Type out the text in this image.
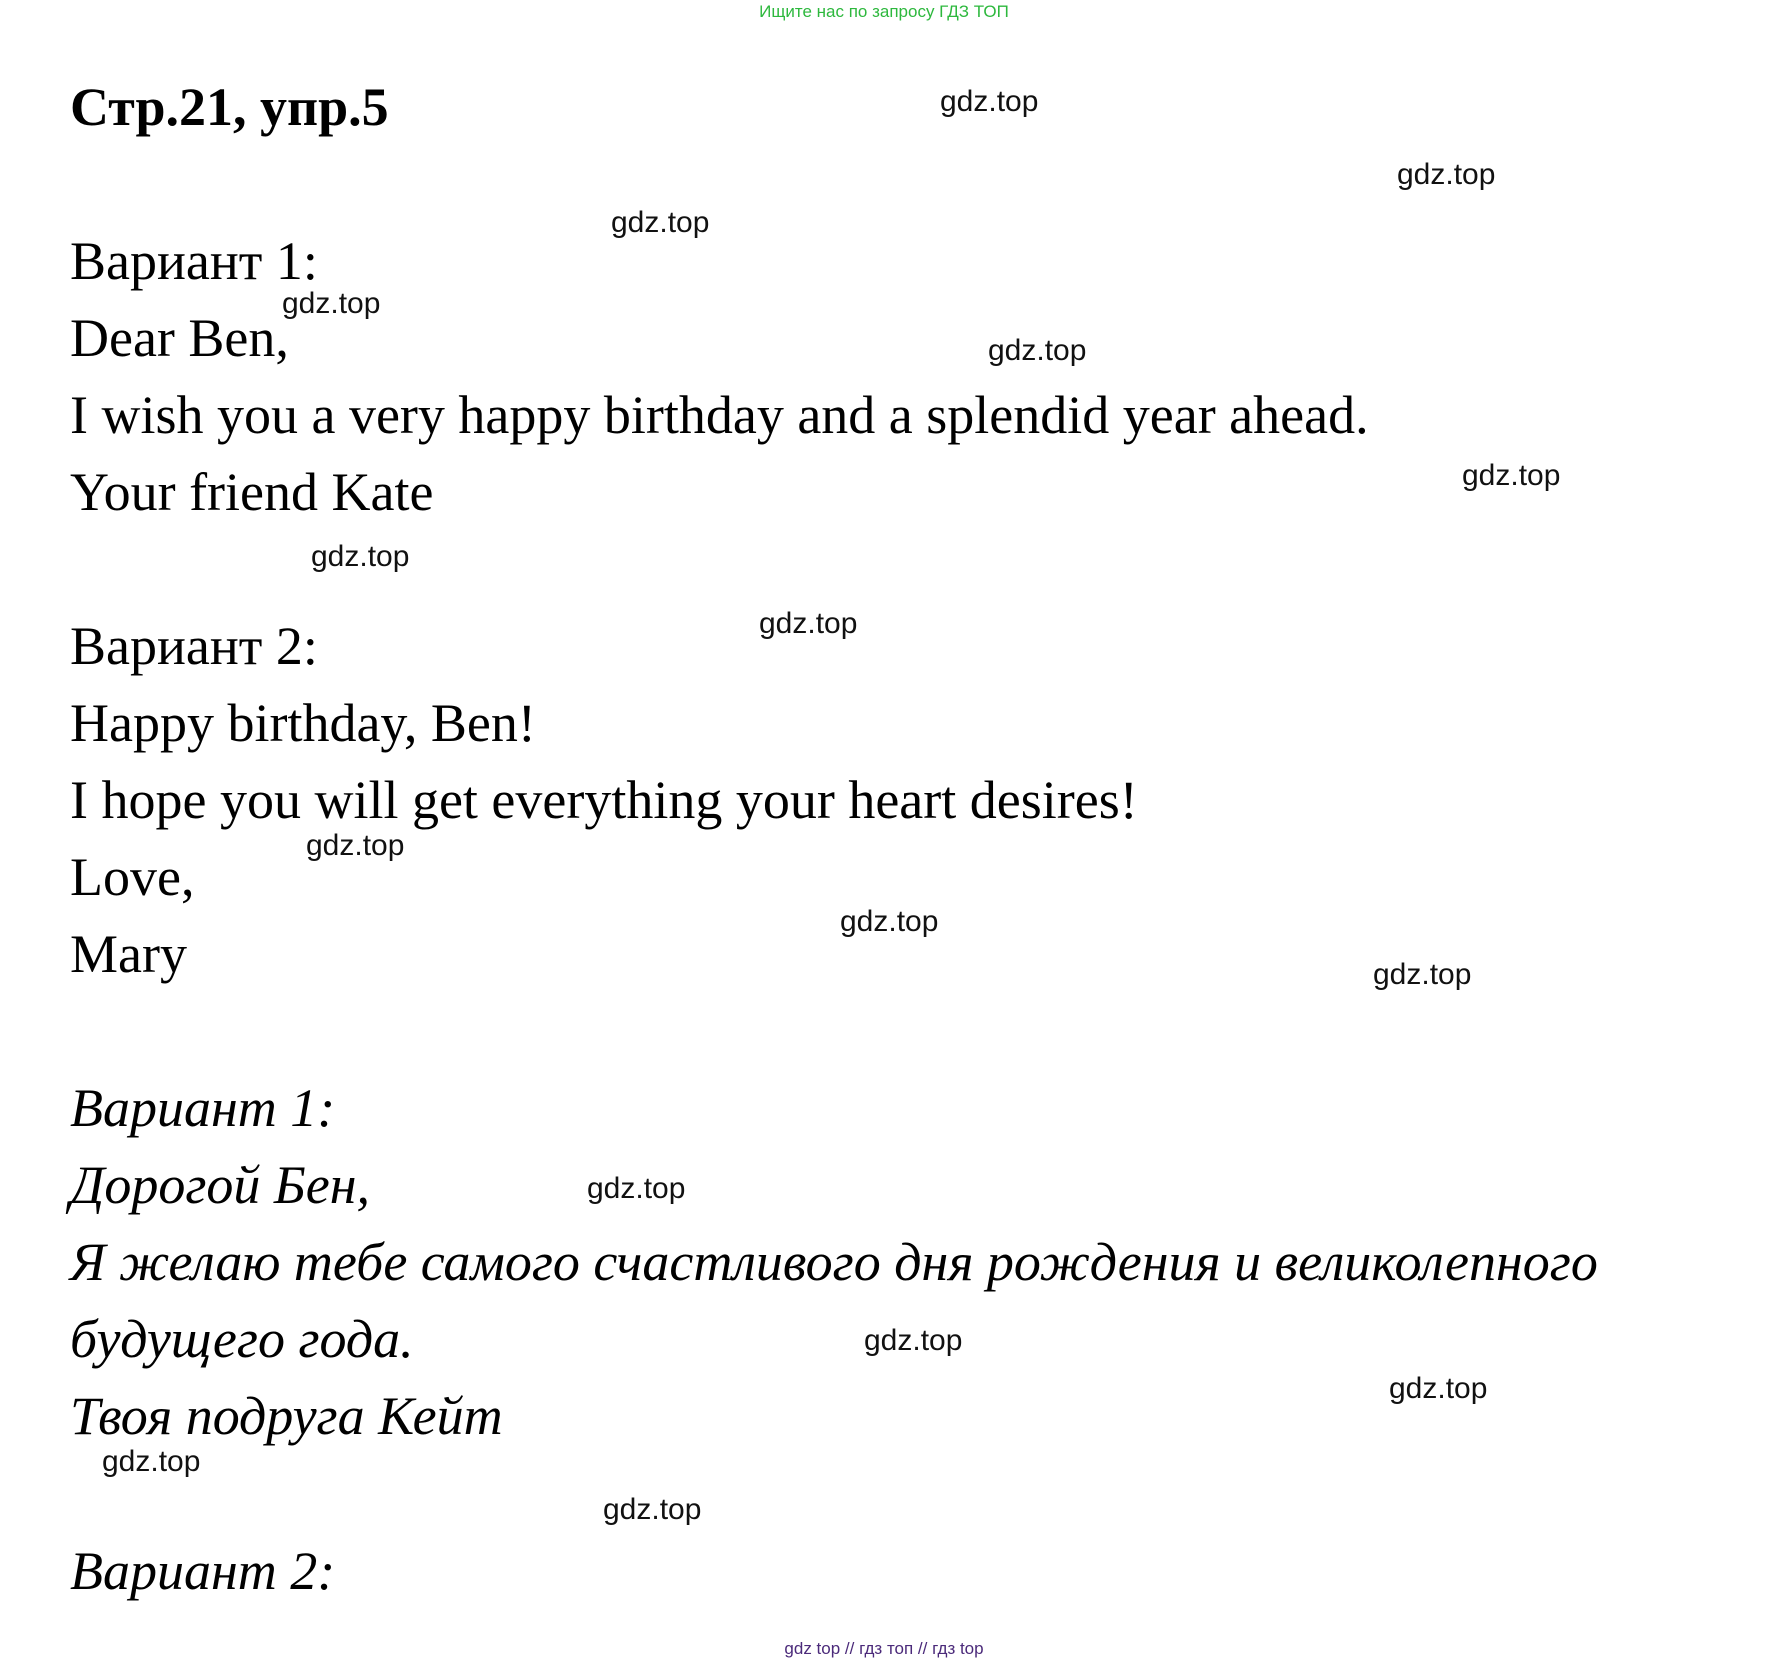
Ищите нас по запросу ГДЗ ТОП
Стр.21, упр.5

Вариант 1:

Dear Ben,

I wish you a very happy birthday and a splendid year ahead.

Your friend Kate

Вариант 2:

Happy birthday, Ben!

I hope you will get everything your heart desires!

Love,

Mary

Вариант 1:

Дорогой Бен,

Я желаю тебе самого счастливого дня рождения и великолепного

будущего года.

Твоя подруга Кейт

Вариант 2:

gdz.top
gdz.top
gdz.top
gdz.top
gdz.top
gdz.top
gdz.top
gdz.top
gdz.top
gdz.top
gdz.top
gdz.top
gdz.top
gdz.top
gdz.top
gdz.top
gdz top // гдз топ // гдз top
